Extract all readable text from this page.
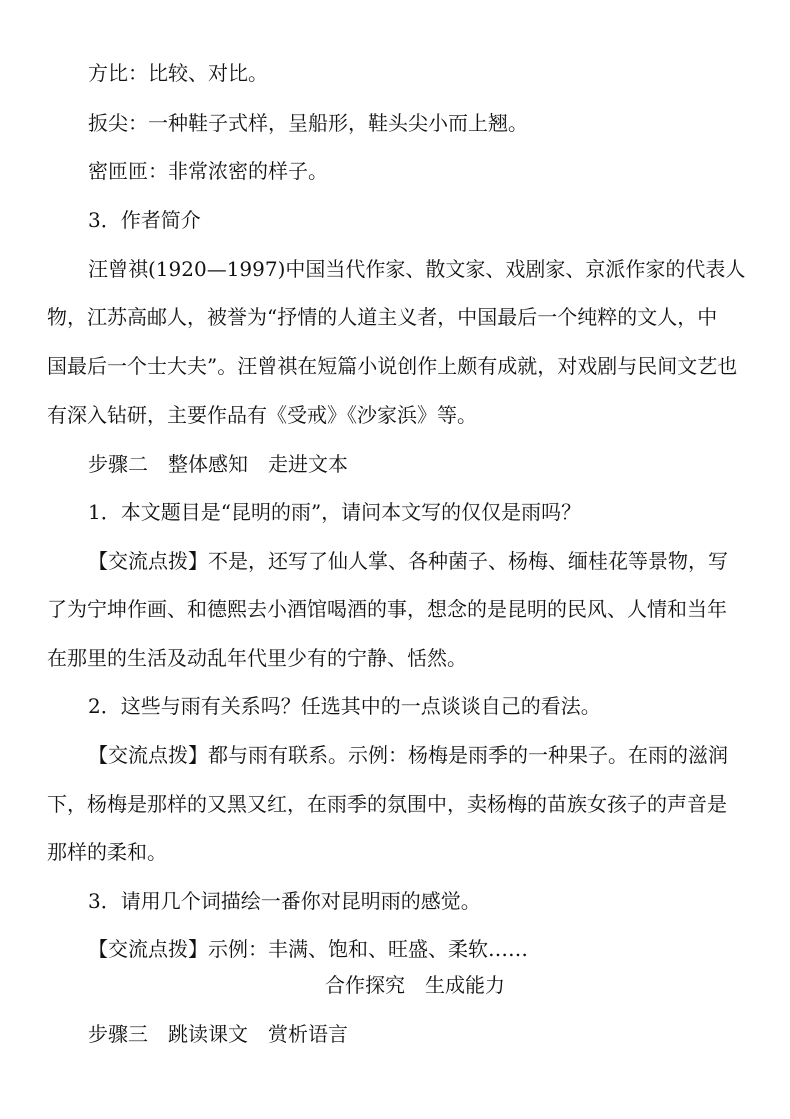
方比：比较、对比。

扳尖：一种鞋子式样，呈船形，鞋头尖小而上翘。

密匝匝：非常浓密的样子。

3．作者简介

汪曾祺(1920—1997)中国当代作家、散文家、戏剧家、京派作家的代表人

物，江苏高邮人，被誉为“抒情的人道主义者，中国最后一个纯粹的文人，中

国最后一个士大夫”。汪曾祺在短篇小说创作上颇有成就，对戏剧与民间文艺也

有深入钻研，主要作品有《受戒》《沙家浜》等。

步骤二　整体感知　走进文本

1．本文题目是“昆明的雨”，请问本文写的仅仅是雨吗？

【交流点拨】不是，还写了仙人掌、各种菌子、杨梅、缅桂花等景物，写

了为宁坤作画、和德熙去小酒馆喝酒的事，想念的是昆明的民风、人情和当年

在那里的生活及动乱年代里少有的宁静、恬然。

2．这些与雨有关系吗？任选其中的一点谈谈自己的看法。

【交流点拨】都与雨有联系。示例：杨梅是雨季的一种果子。在雨的滋润

下，杨梅是那样的又黑又红，在雨季的氛围中，卖杨梅的苗族女孩子的声音是

那样的柔和。

3．请用几个词描绘一番你对昆明雨的感觉。

【交流点拨】示例：丰满、饱和、旺盛、柔软……

合作探究　生成能力

步骤三　跳读课文　赏析语言
